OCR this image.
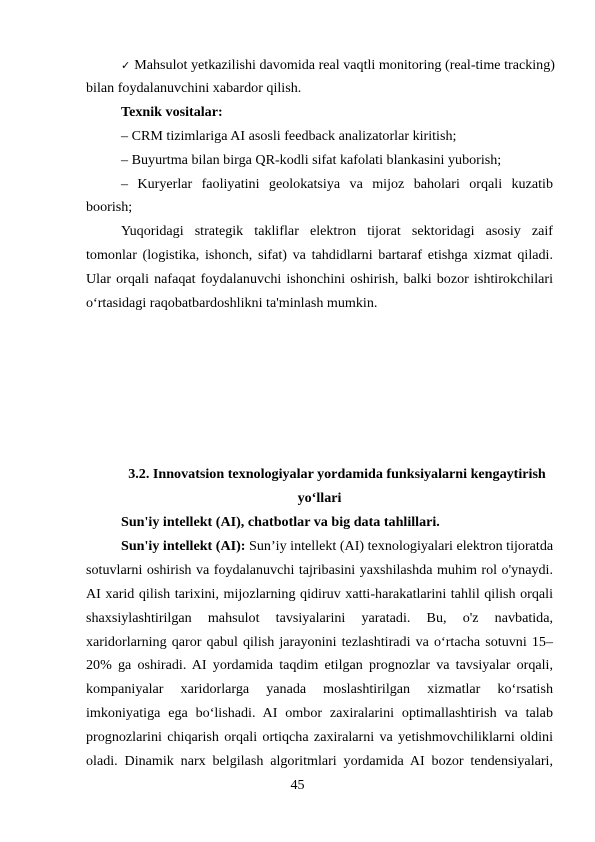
✓ Mahsulot yetkazilishi davomida real vaqtli monitoring (real-time tracking)
bilan foydalanuvchini xabardor qilish.
Texnik vositalar:
– CRM tizimlariga AI asosli feedback analizatorlar kiritish;
– Buyurtma bilan birga QR-kodli sifat kafolati blankasini yuborish;
– Kuryerlar faoliyatini geolokatsiya va mijoz baholari orqali kuzatib
boorish;
Yuqoridagi strategik takliflar elektron tijorat sektoridagi asosiy zaif
tomonlar (logistika, ishonch, sifat) va tahdidlarni bartaraf etishga xizmat qiladi.
Ular orqali nafaqat foydalanuvchi ishonchini oshirish, balki bozor ishtirokchilari
o‘rtasidagi raqobatbardoshlikni ta'minlash mumkin.
3.2. Innovatsion texnologiyalar yordamida funksiyalarni kengaytirish
yo‘llari
Sun'iy intellekt (AI), chatbotlar va big data tahlillari.
Sun'iy intellekt (AI): Sun’iy intellekt (AI) texnologiyalari elektron tijoratda
sotuvlarni oshirish va foydalanuvchi tajribasini yaxshilashda muhim rol o'ynaydi.
AI xarid qilish tarixini, mijozlarning qidiruv xatti-harakatlarini tahlil qilish orqali
shaxsiylashtirilgan mahsulot tavsiyalarini yaratadi. Bu, o'z navbatida,
xaridorlarning qaror qabul qilish jarayonini tezlashtiradi va o‘rtacha sotuvni 15–
20% ga oshiradi. AI yordamida taqdim etilgan prognozlar va tavsiyalar orqali,
kompaniyalar xaridorlarga yanada moslashtirilgan xizmatlar ko‘rsatish
imkoniyatiga ega bo‘lishadi. AI ombor zaxiralarini optimallashtirish va talab
prognozlarini chiqarish orqali ortiqcha zaxiralarni va yetishmovchiliklarni oldini
oladi. Dinamik narx belgilash algoritmlari yordamida AI bozor tendensiyalari,
45
